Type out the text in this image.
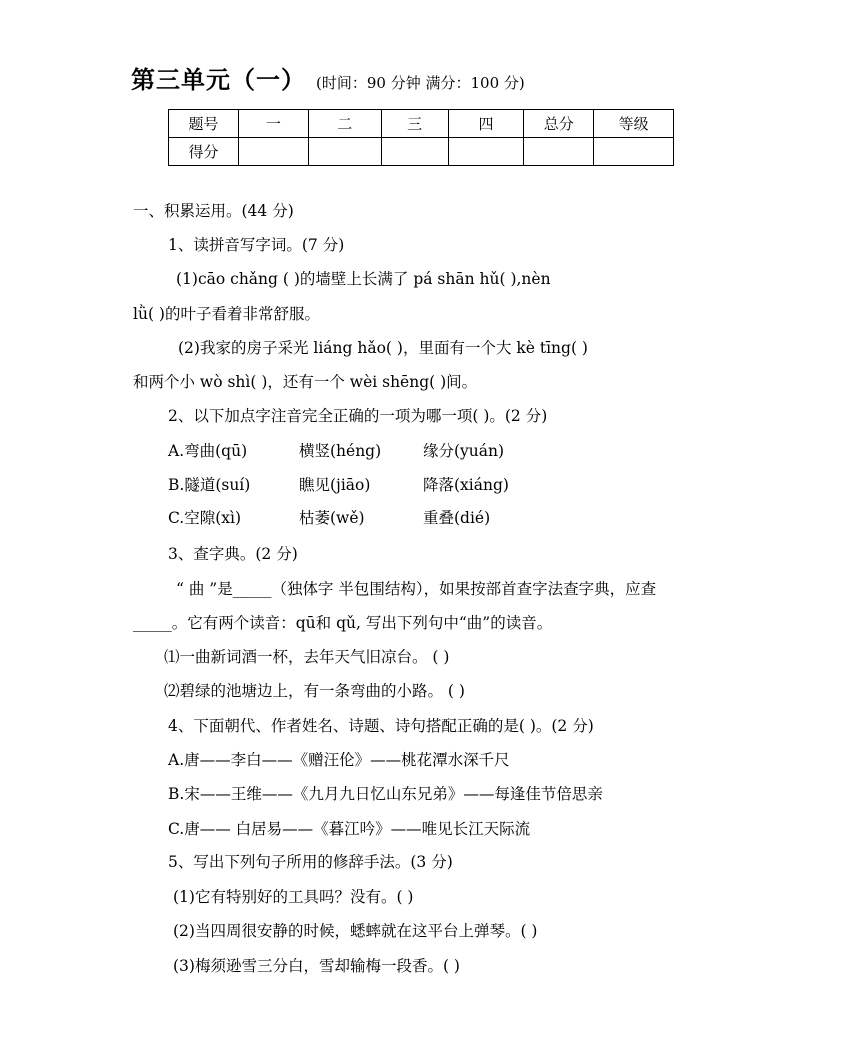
第三单元（一） (时间：90 分钟 满分：100 分)
题号	一	二	三	四	总分	等级
得分						
一、积累运用。(44 分)
1、读拼音写字词。(7 分)
(1)cāo chǎng ( )的墙壁上长满了 pá shān hǔ( ),nèn
lǜ( )的叶子看着非常舒服。
(2)我家的房子采光 liáng hǎo( )，里面有一个大 kè tīng( )
和两个小 wò shì( )，还有一个 wèi shēng( )间。
2、以下加点字注音完全正确的一项为哪一项( )。(2 分)
A.弯曲(qū)	横竖(héng)	缘分(yuán)
B.隧道(suí)	瞧见(jiāo)	降落(xiáng)
C.空隙(xì)	枯萎(wě)	重叠(dié)
3、查字典。(2 分)
“ 曲 ”是_____（独体字 半包围结构），如果按部首查字法查字典，应查
_____。它有两个读音：qū和 qǔ, 写出下列句中“曲”的读音。
⑴一曲新词酒一杯，去年天气旧凉台。 ( )
⑵碧绿的池塘边上，有一条弯曲的小路。 ( )
4、下面朝代、作者姓名、诗题、诗句搭配正确的是( )。(2 分)
A.唐——李白——《赠汪伦》——桃花潭水深千尺
B.宋——王维——《九月九日忆山东兄弟》——每逢佳节倍思亲
C.唐—— 白居易——《暮江吟》——唯见长江天际流
5、写出下列句子所用的修辞手法。(3 分)
(1)它有特别好的工具吗？没有。( )
(2)当四周很安静的时候，蟋蟀就在这平台上弹琴。( )
(3)梅须逊雪三分白，雪却输梅一段香。( )
